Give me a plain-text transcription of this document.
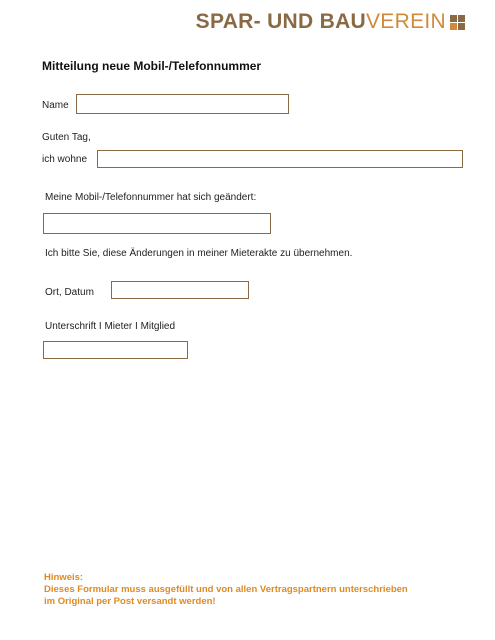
SPAR- UND BAU VEREIN
Mitteilung neue Mobil-/Telefonnummer
Name
Guten Tag,
ich wohne
Meine Mobil-/Telefonnummer hat sich geändert:
Ich bitte Sie, diese Änderungen in meiner Mieterakte zu übernehmen.
Ort, Datum
Unterschrift I Mieter I Mitglied
Hinweis:
Dieses Formular muss ausgefüllt und von allen Vertragspartnern unterschrieben
im Original per Post versandt werden!
